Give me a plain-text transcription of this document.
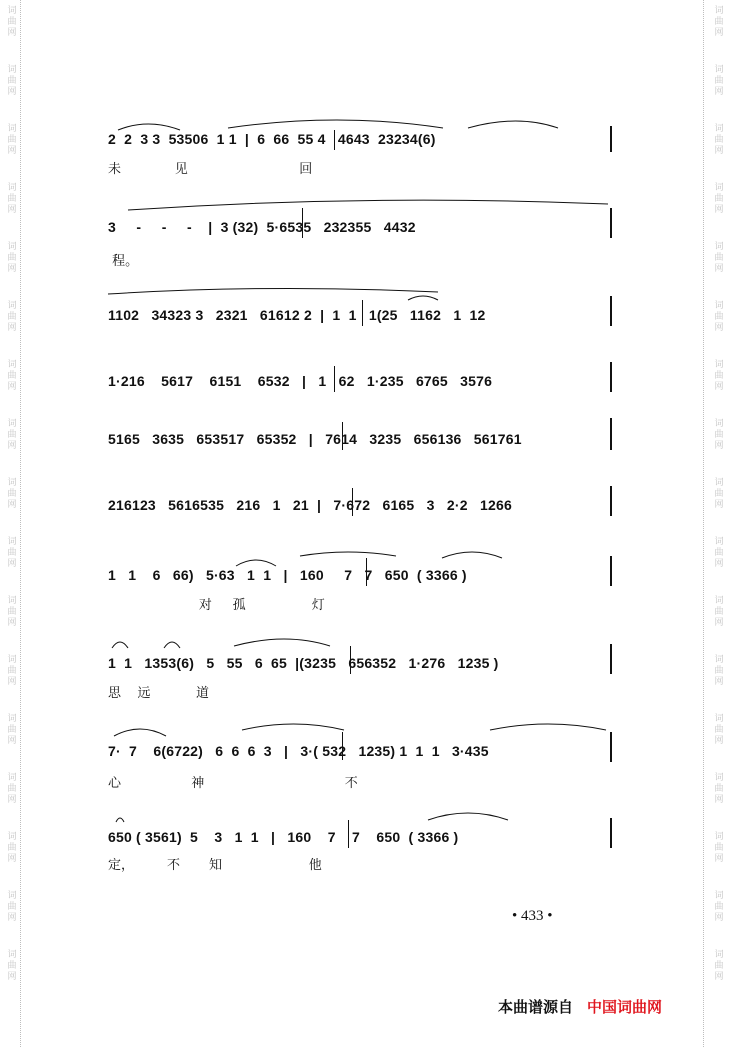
词
曲
网
词
曲
网
词
曲
网
词
曲
网
词
曲
网
词
曲
网
词
曲
网
词
曲
网
词
曲
网
词
曲
网
词
曲
网
词
曲
网
词
曲
网
词
曲
网
词
曲
网
词
曲
网
词
曲
网
词
曲
网
词
曲
网
词
曲
网
词
曲
网
词
曲
网
词
曲
网
词
曲
网
词
曲
网
词
曲
网
词
曲
网
词
曲
网
词
曲
网
词
曲
网
词
曲
网
词
曲
网
词
曲
网
词
曲
网
2  2  3 3  53506  1 1  |  6  66  55 4   4643  23234(6)
未             见                           回
3     -     -     -    |  3 (32)  5·6535   232355   4432
程。
1102   34323 3   2321   61612 2  |  1  1   1(25   1162   1  12
1·216    5617    6151    6532   |   1   62   1·235   6765   3576
5165   3635   653517   65352   |   7614   3235   656136   561761
216123   5616535   216   1   21  |   7·672   6165   3   2·2   1266
1   1    6   66)   5·63   1  1   |   160     7   7   650  ( 3366 )
对     孤                灯
1  1   1353(6)   5   55   6  65  |(3235   656352   1·276   1235 )
思    远           道
7·  7    6(6722)   6  6  6  3   |   3·( 532   1235) 1  1  1   3·435
心                 神                                  不
650 ( 3561)  5    3   1  1   |   160    7    7    650  ( 3366 )
定，        不       知                     他
• 433 •
本曲谱源自 中国词曲网
